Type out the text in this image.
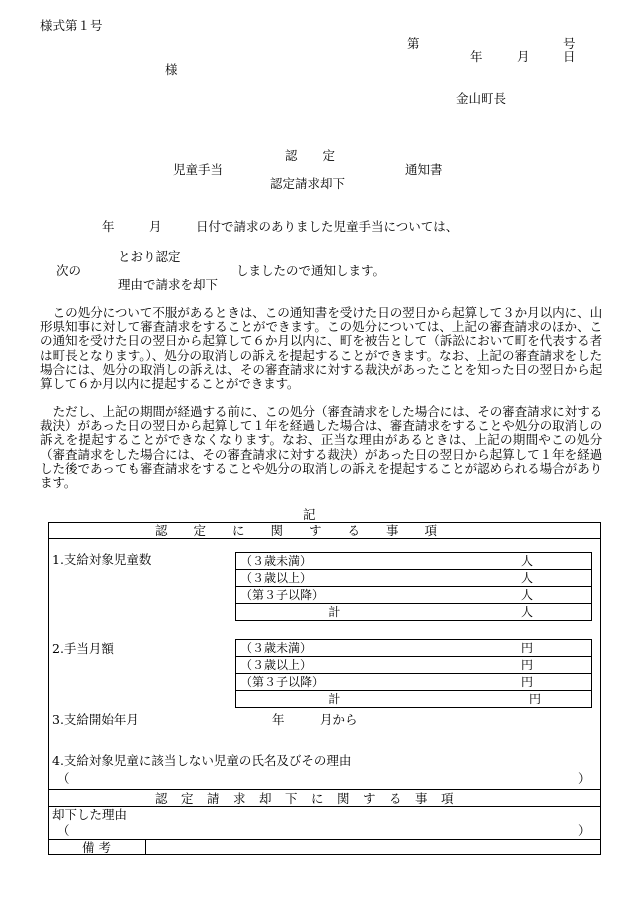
様式第１号
第	号
年	月	日
様
金山町長
認　　定
児童手当	通知書
認定請求却下
年	月	日付で請求のありました児童手当については、
とおり認定
次の	しましたので通知します。
理由で請求を却下

この処分について不服があるときは、この通知書を受けた日の翌日から起算して３か月以内に、山形県知事に対して審査請求をすることができます。この処分については、上記の審査請求のほか、この通知を受けた日の翌日から起算して６か月以内に、町を被告として（訴訟において町を代表する者は町長となります。）、処分の取消しの訴えを提起することができます。なお、上記の審査請求をした場合には、処分の取消しの訴えは、その審査請求に対する裁決があったことを知った日の翌日から起算して６か月以内に提起することができます。

ただし、上記の期間が経過する前に、この処分（審査請求をした場合には、その審査請求に対する裁決）があった日の翌日から起算して１年を経過した場合は、審査請求をすることや処分の取消しの訴えを提起することができなくなります。なお、正当な理由があるときは、上記の期間やこの処分（審査請求をした場合には、その審査請求に対する裁決）があった日の翌日から起算して１年を経過した後であっても審査請求をすることや処分の取消しの訴えを提起することが認められる場合があります。

記
認定に関する事項
1.支給対象児童数	（３歳未満）	人
（３歳以上）	人
（第３子以降）	人
計	人
2.手当月額	（３歳未満）	円
（３歳以上）	円
（第３子以降）	円
計	円
3.支給開始年月	年	月から
4.支給対象児童に該当しない児童の氏名及びその理由
（	）
認定請求却下に関する事項
却下した理由
（	）
備考
